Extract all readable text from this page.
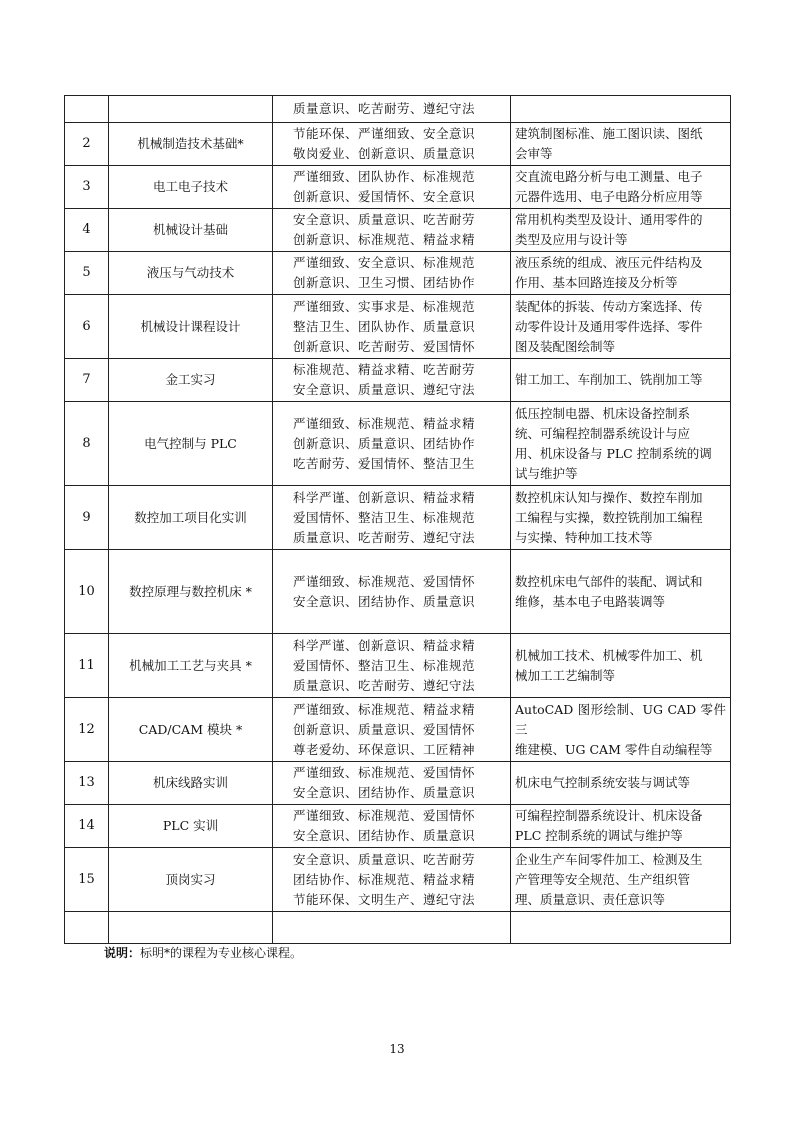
		质量意识、吃苦耐劳、遵纪守法	

2	机械制造技术基础*	节能环保、严谨细致、安全意识
敬岗爱业、创新意识、质量意识	建筑制图标准、施工图识读、图纸
会审等

3	电工电子技术	严谨细致、团队协作、标准规范
创新意识、爱国情怀、安全意识	交直流电路分析与电工测量、电子
元器件选用、电子电路分析应用等

4	机械设计基础	安全意识、质量意识、吃苦耐劳
创新意识、标准规范、精益求精	常用机构类型及设计、通用零件的
类型及应用与设计等

5	液压与气动技术	严谨细致、安全意识、标准规范
创新意识、卫生习惯、团结协作	液压系统的组成、液压元件结构及
作用、基本回路连接及分析等

6	机械设计课程设计	严谨细致、实事求是、标准规范
整洁卫生、团队协作、质量意识
创新意识、吃苦耐劳、爱国情怀	装配体的拆装、传动方案选择、传
动零件设计及通用零件选择、零件
图及装配图绘制等

7	金工实习	标准规范、精益求精、吃苦耐劳
安全意识、质量意识、遵纪守法	钳工加工、车削加工、铣削加工等

8	电气控制与 PLC	严谨细致、标准规范、精益求精
创新意识、质量意识、团结协作
吃苦耐劳、爱国情怀、整洁卫生	低压控制电器、机床设备控制系
统、可编程控制器系统设计与应
用、机床设备与 PLC 控制系统的调
试与维护等

9	数控加工项目化实训	科学严谨、创新意识、精益求精
爱国情怀、整洁卫生、标准规范
质量意识、吃苦耐劳、遵纪守法	数控机床认知与操作、数控车削加
工编程与实操，数控铣削加工编程
与实操、特种加工技术等

10	数控原理与数控机床 *	严谨细致、标准规范、爱国情怀
安全意识、团结协作、质量意识	数控机床电气部件的装配、调试和
维修，基本电子电路装调等

11	机械加工工艺与夹具 *	科学严谨、创新意识、精益求精
爱国情怀、整洁卫生、标准规范
质量意识、吃苦耐劳、遵纪守法	机械加工技术、机械零件加工、机
械加工工艺编制等

12	CAD/CAM 模块 *	严谨细致、标准规范、精益求精
创新意识、质量意识、爱国情怀
尊老爱幼、环保意识、工匠精神	AutoCAD 图形绘制、UG CAD 零件三
维建模、UG CAM 零件自动编程等

13	机床线路实训	严谨细致、标准规范、爱国情怀
安全意识、团结协作、质量意识	机床电气控制系统安装与调试等

14	PLC 实训	严谨细致、标准规范、爱国情怀
安全意识、团结协作、质量意识	可编程控制器系统设计、机床设备
PLC 控制系统的调试与维护等

15	顶岗实习	安全意识、质量意识、吃苦耐劳
团结协作、标准规范、精益求精
节能环保、文明生产、遵纪守法	企业生产车间零件加工、检测及生
产管理等安全规范、生产组织管
理、质量意识、责任意识等

说明：标明*的课程为专业核心课程。
13
